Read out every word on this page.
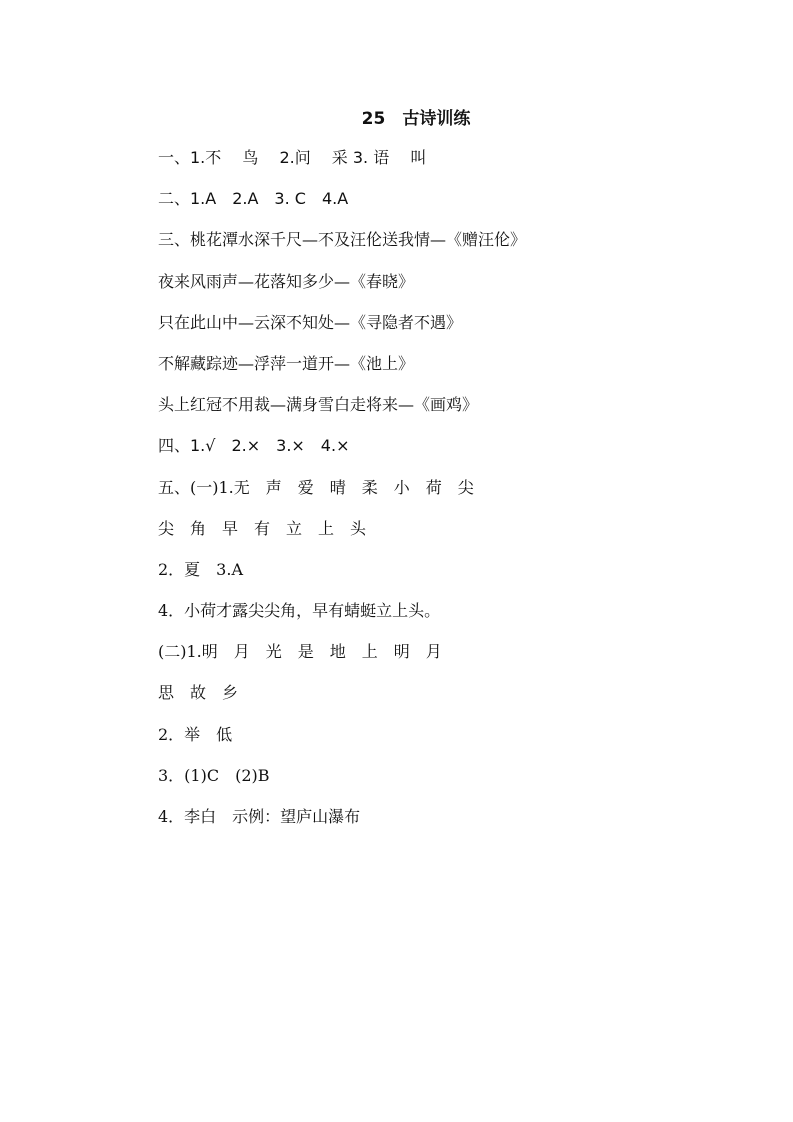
25　古诗训练
一、1.不　 鸟　 2.问　 采 3. 语　 叫
二、1.A　2.A　3. C　4.A
三、桃花潭水深千尺—不及汪伦送我情—《赠汪伦》
夜来风雨声—花落知多少—《春晓》
只在此山中—云深不知处—《寻隐者不遇》
不解藏踪迹—浮萍一道开—《池上》
头上红冠不用裁—满身雪白走将来—《画鸡》
四、1.√　2.×　3.×　4.×
五、(一)1.无　声　爱　晴　柔　小　荷　尖
尖　角　早　有　立　上　头
2．夏　3.A
4．小荷才露尖尖角，早有蜻蜓立上头。
(二)1.明　月　光　是　地　上　明　月
思　故　乡
2．举　低
3．(1)C　(2)B
4．李白　示例：望庐山瀑布
